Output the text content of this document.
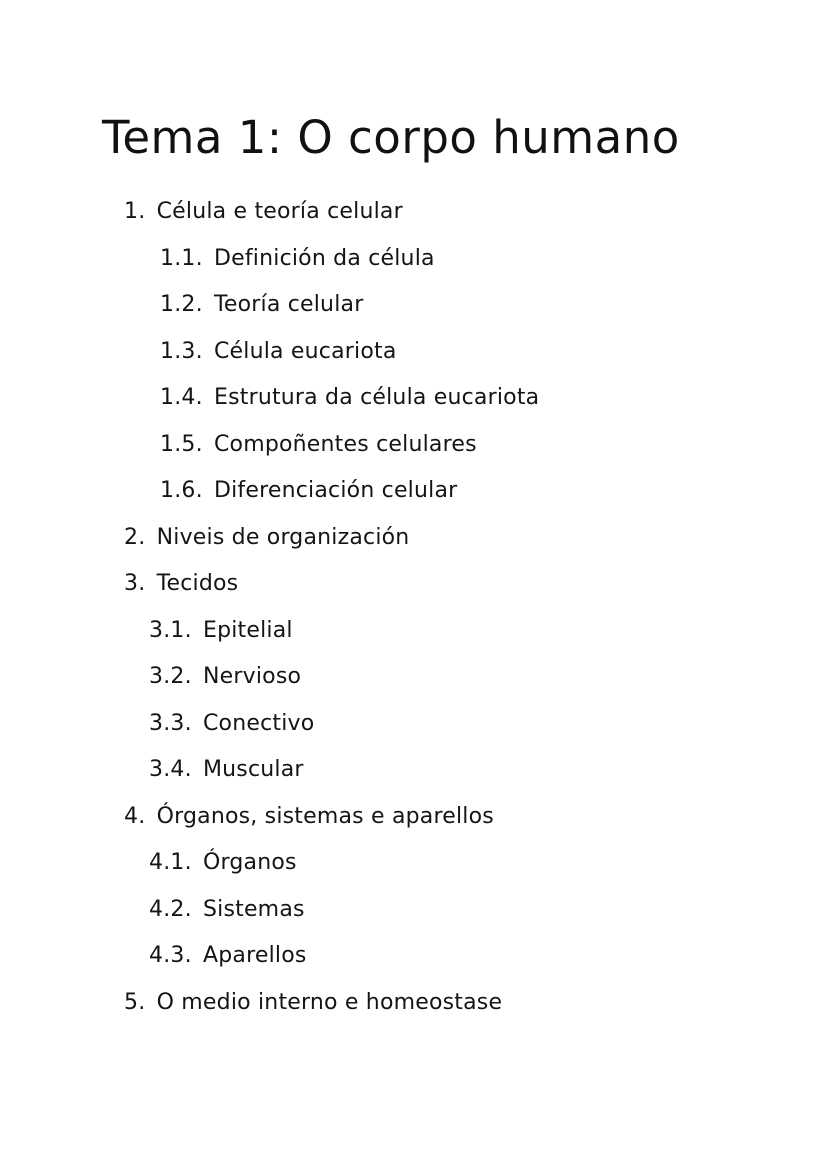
Tema 1: O corpo humano
1. Célula e teoría celular
1.1. Definición da célula
1.2. Teoría celular
1.3. Célula eucariota
1.4. Estrutura da célula eucariota
1.5. Compoñentes celulares
1.6. Diferenciación celular
2. Niveis de organización
3. Tecidos
3.1. Epitelial
3.2. Nervioso
3.3. Conectivo
3.4. Muscular
4. Órganos, sistemas e aparellos
4.1. Órganos
4.2. Sistemas
4.3. Aparellos
5. O medio interno e homeostase
